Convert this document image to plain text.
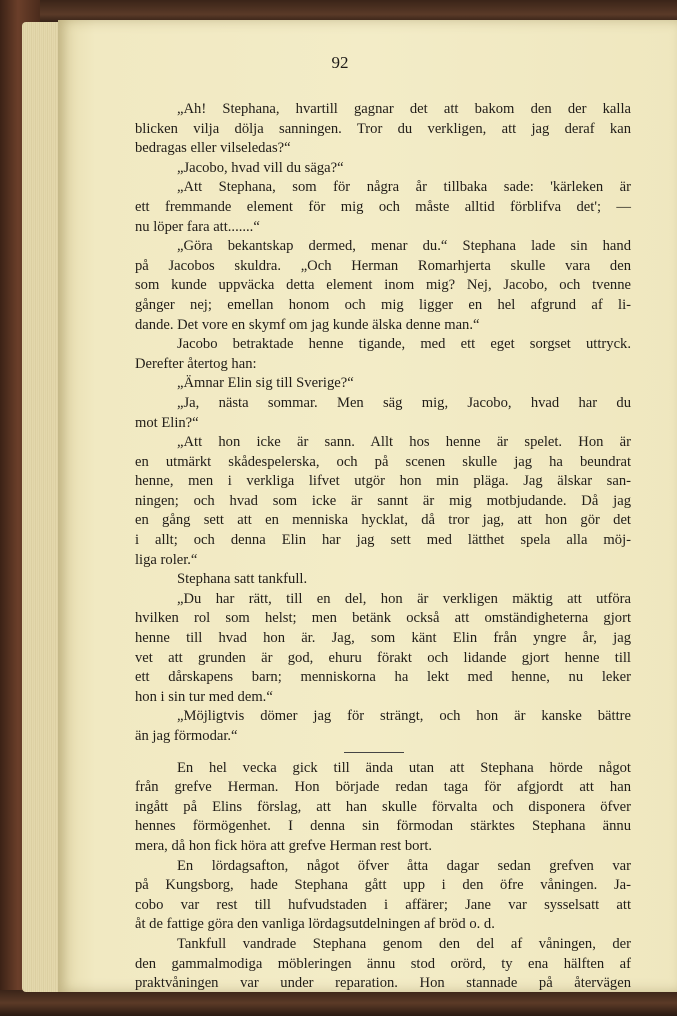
92
„Ah! Stephana, hvartill gagnar det att bakom den der kalla
blicken vilja dölja sanningen. Tror du verkligen, att jag deraf kan
bedragas eller vilseledas?“
„Jacobo, hvad vill du säga?“
„Att Stephana, som för några år tillbaka sade: 'kärleken är
ett fremmande element för mig och måste alltid förblifva det'; —
nu löper fara att.......“
„Göra bekantskap dermed, menar du.“ Stephana lade sin hand
på Jacobos skuldra. „Och Herman Romarhjerta skulle vara den
som kunde uppväcka detta element inom mig? Nej, Jacobo, och tvenne
gånger nej; emellan honom och mig ligger en hel afgrund af li-
dande. Det vore en skymf om jag kunde älska denne man.“
Jacobo betraktade henne tigande, med ett eget sorgset uttryck.
Derefter återtog han:
„Ämnar Elin sig till Sverige?“
„Ja, nästa sommar. Men säg mig, Jacobo, hvad har du
mot Elin?“
„Att hon icke är sann. Allt hos henne är spelet. Hon är
en utmärkt skådespelerska, och på scenen skulle jag ha beundrat
henne, men i verkliga lifvet utgör hon min pläga. Jag älskar san-
ningen; och hvad som icke är sannt är mig motbjudande. Då jag
en gång sett att en menniska hycklat, då tror jag, att hon gör det
i allt; och denna Elin har jag sett med lätthet spela alla möj-
liga roler.“
Stephana satt tankfull.
„Du har rätt, till en del, hon är verkligen mäktig att utföra
hvilken rol som helst; men betänk också att omständigheterna gjort
henne till hvad hon är. Jag, som känt Elin från yngre år, jag
vet att grunden är god, ehuru förakt och lidande gjort henne till
ett dårskapens barn; menniskorna ha lekt med henne, nu leker
hon i sin tur med dem.“
„Möjligtvis dömer jag för strängt, och hon är kanske bättre
än jag förmodar.“
En hel vecka gick till ända utan att Stephana hörde något
från grefve Herman. Hon började redan taga för afgjordt att han
ingått på Elins förslag, att han skulle förvalta och disponera öfver
hennes förmögenhet. I denna sin förmodan stärktes Stephana ännu
mera, då hon fick höra att grefve Herman rest bort.
En lördagsafton, något öfver åtta dagar sedan grefven var
på Kungsborg, hade Stephana gått upp i den öfre våningen. Ja-
cobo var rest till hufvudstaden i affärer; Jane var sysselsatt att
åt de fattige göra den vanliga lördagsutdelningen af bröd o. d.
Tankfull vandrade Stephana genom den del af våningen, der
den gammalmodiga möbleringen ännu stod orörd, ty ena hälften af
praktvåningen var under reparation. Hon stannade på återvägen
